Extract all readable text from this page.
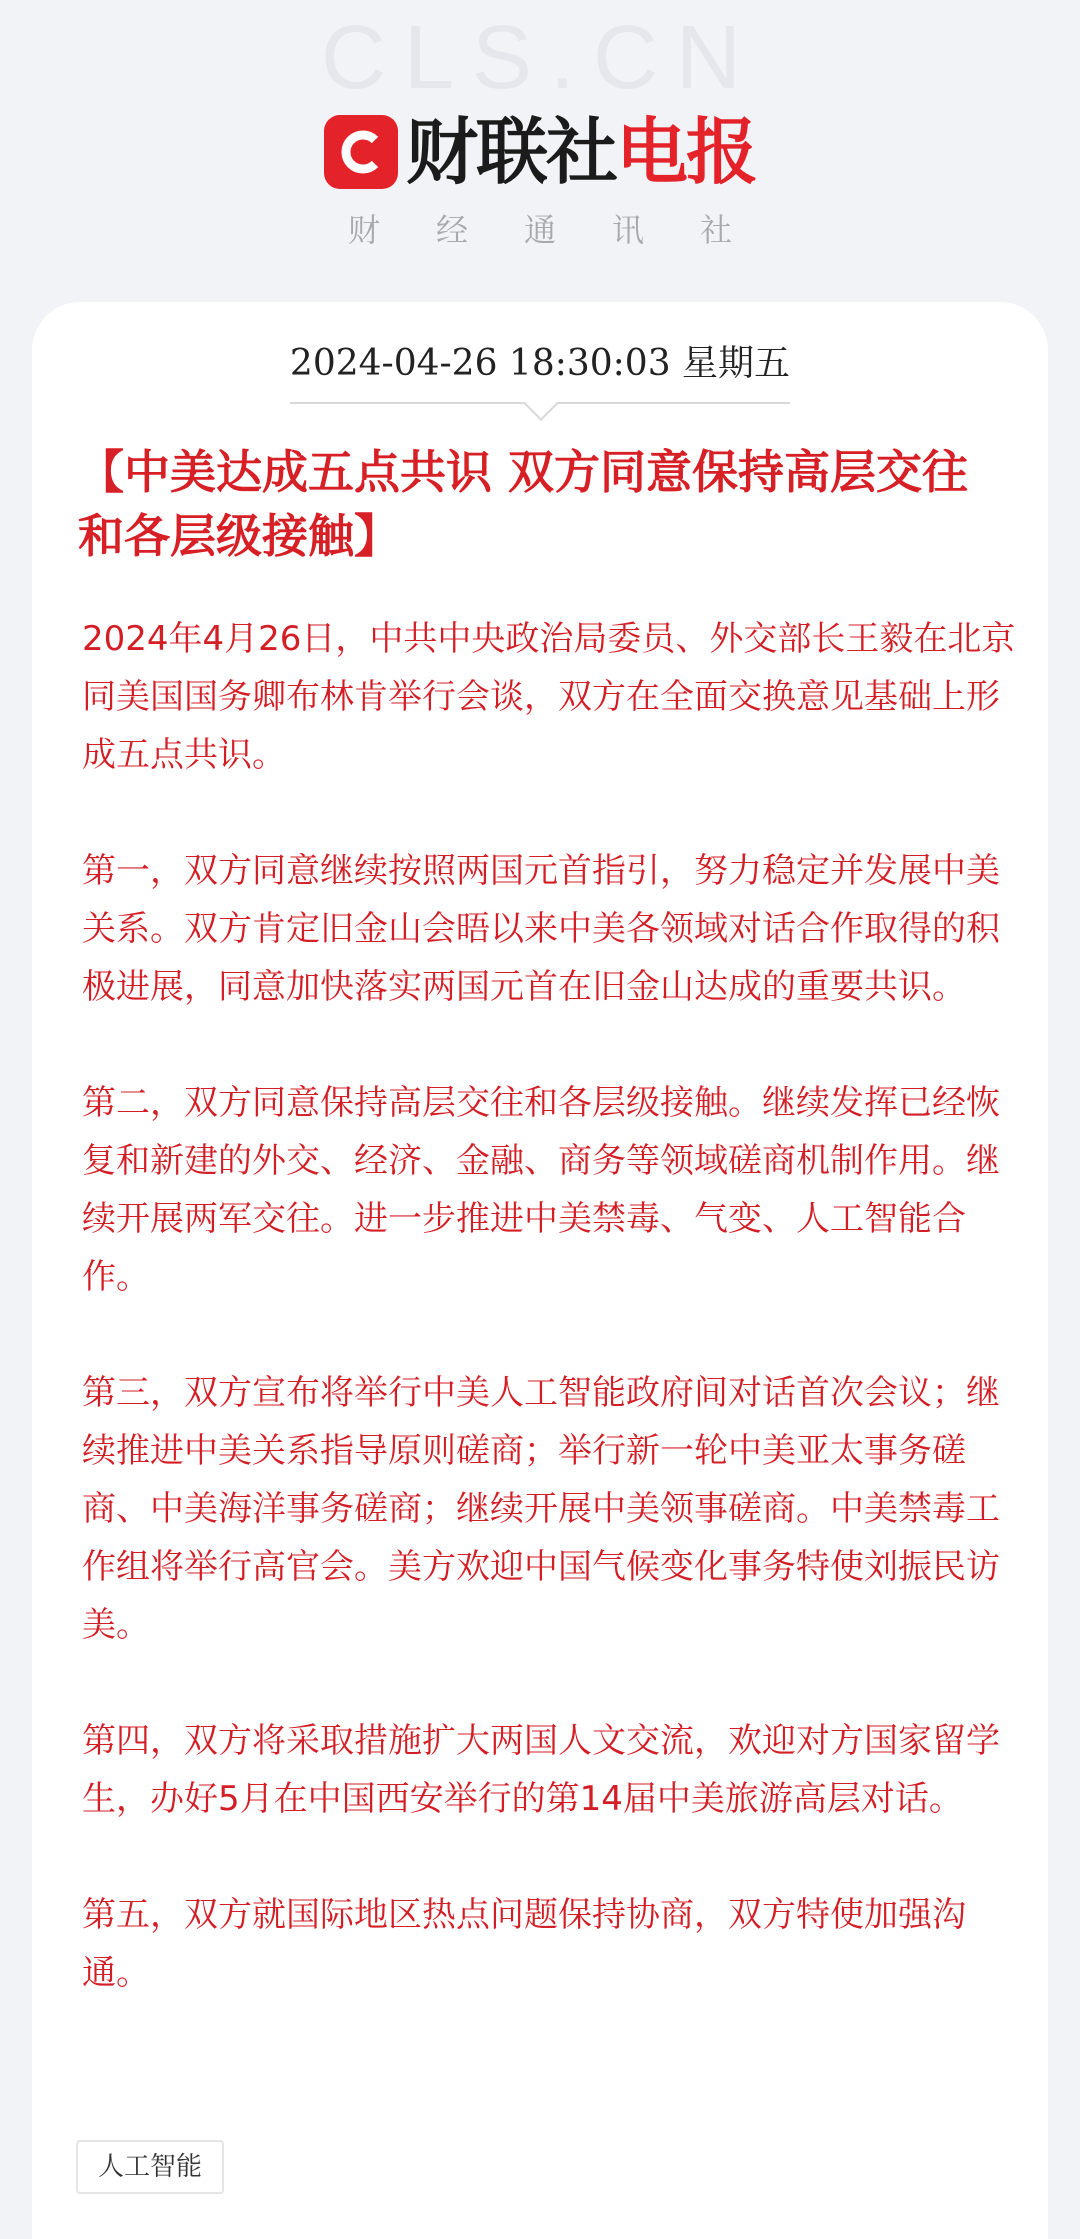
CLS.CN
财联社 电报
财经通讯社
2024-04-26 18:30:03 星期五
【中美达成五点共识 双方同意保持高层交往和各层级接触】

2024年4月26日，中共中央政治局委员、外交部长王毅在北京同美国国务卿布林肯举行会谈，双方在全面交换意见基础上形成五点共识。

第一，双方同意继续按照两国元首指引，努力稳定并发展中美关系。双方肯定旧金山会晤以来中美各领域对话合作取得的积极进展，同意加快落实两国元首在旧金山达成的重要共识。

第二，双方同意保持高层交往和各层级接触。继续发挥已经恢复和新建的外交、经济、金融、商务等领域磋商机制作用。继续开展两军交往。进一步推进中美禁毒、气变、人工智能合作。

第三，双方宣布将举行中美人工智能政府间对话首次会议；继续推进中美关系指导原则磋商；举行新一轮中美亚太事务磋商、中美海洋事务磋商；继续开展中美领事磋商。中美禁毒工作组将举行高官会。美方欢迎中国气候变化事务特使刘振民访美。

第四，双方将采取措施扩大两国人文交流，欢迎对方国家留学生，办好5月在中国西安举行的第14届中美旅游高层对话。

第五，双方就国际地区热点问题保持协商，双方特使加强沟通。

人工智能
